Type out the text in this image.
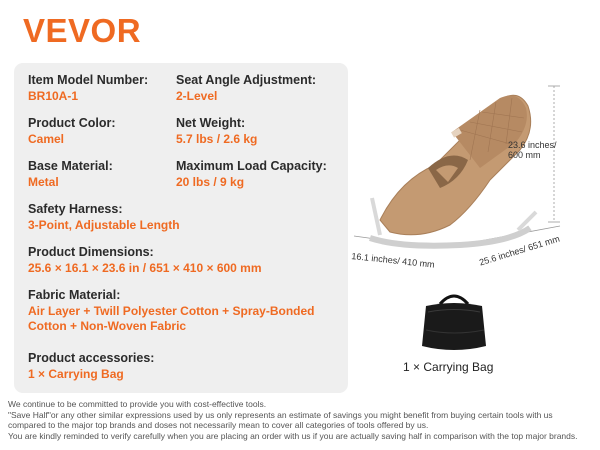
VEVOR
Item Model Number:
BR10A-1
Seat Angle Adjustment:
2-Level
Product Color:
Camel
Net Weight:
5.7 lbs / 2.6 kg
Base Material:
Metal
Maximum Load Capacity:
20 lbs / 9 kg
Safety Harness:
3-Point, Adjustable Length
Product Dimensions:
25.6 × 16.1 × 23.6 in / 651 × 410 × 600 mm
Fabric Material:
Air Layer + Twill Polyester Cotton + Spray-Bonded
Cotton + Non-Woven Fabric
Product accessories:
1 × Carrying Bag
23.6 inches/
600 mm
16.1 inches/ 410 mm	25.6 inches/ 651 mm
1 × Carrying Bag
We continue to be committed to provide you with cost-effective tools.
"Save Half"or any other similar expressions used by us only represents an estimate of savings you might benefit from buying certain tools with us
compared to the major top brands and doses not necessarily mean to cover all categories of tools offered by us.
You are kindly reminded to verify carefully when you are placing an order with us if you are actually saving half in comparison with the top major brands.
